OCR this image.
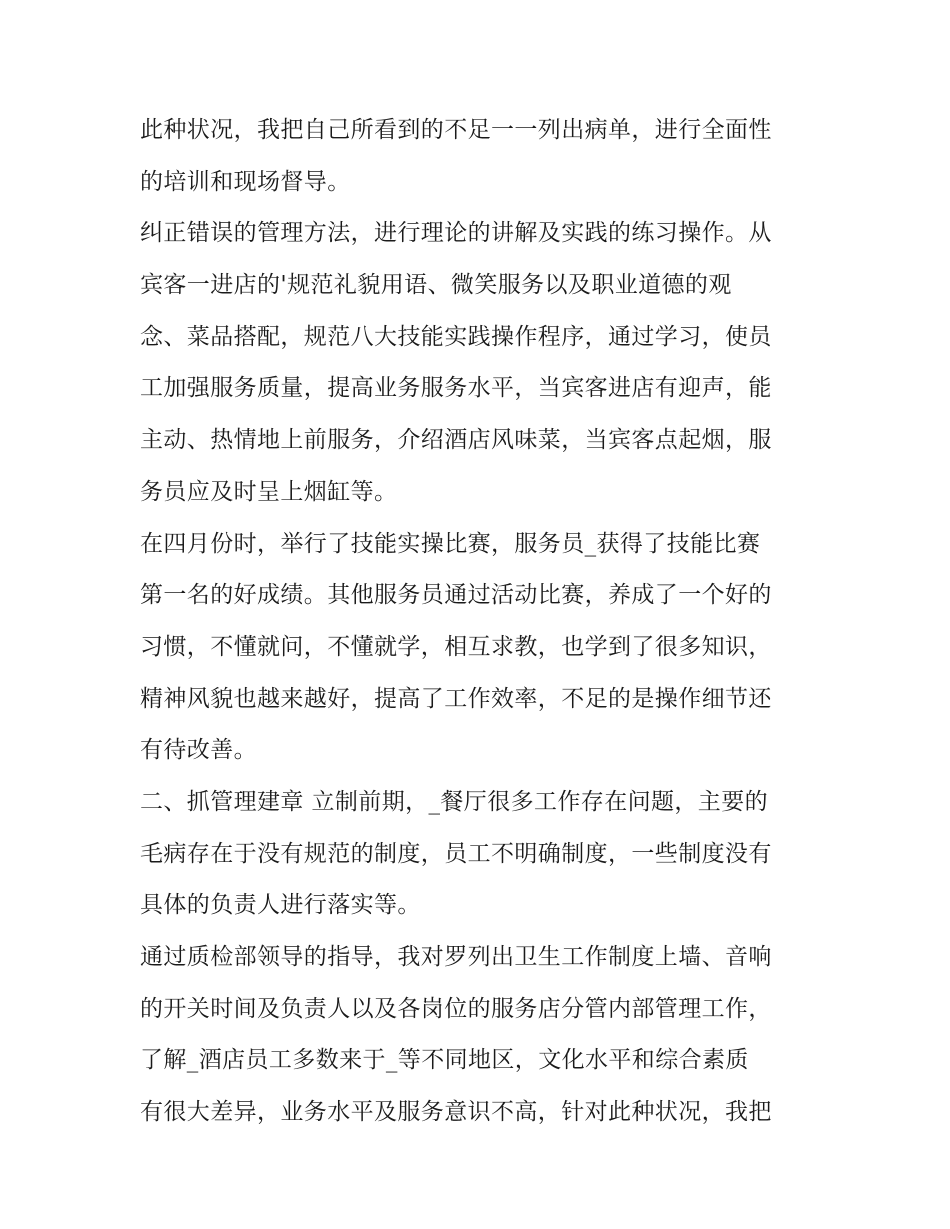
此种状况，我把自己所看到的不足一一列出病单，进行全面性
的培训和现场督导。
纠正错误的管理方法，进行理论的讲解及实践的练习操作。从
宾客一进店的'规范礼貌用语、微笑服务以及职业道德的观
念、菜品搭配，规范八大技能实践操作程序，通过学习，使员
工加强服务质量，提高业务服务水平，当宾客进店有迎声，能
主动、热情地上前服务，介绍酒店风味菜，当宾客点起烟，服
务员应及时呈上烟缸等。
在四月份时，举行了技能实操比赛，服务员_获得了技能比赛
第一名的好成绩。其他服务员通过活动比赛，养成了一个好的
习惯，不懂就问，不懂就学，相互求教，也学到了很多知识，
精神风貌也越来越好，提高了工作效率，不足的是操作细节还
有待改善。
二、抓管理建章 立制前期，_餐厅很多工作存在问题，主要的
毛病存在于没有规范的制度，员工不明确制度，一些制度没有
具体的负责人进行落实等。
通过质检部领导的指导，我对罗列出卫生工作制度上墙、音响
的开关时间及负责人以及各岗位的服务店分管内部管理工作，
了解_酒店员工多数来于_等不同地区，文化水平和综合素质
有很大差异，业务水平及服务意识不高，针对此种状况，我把
